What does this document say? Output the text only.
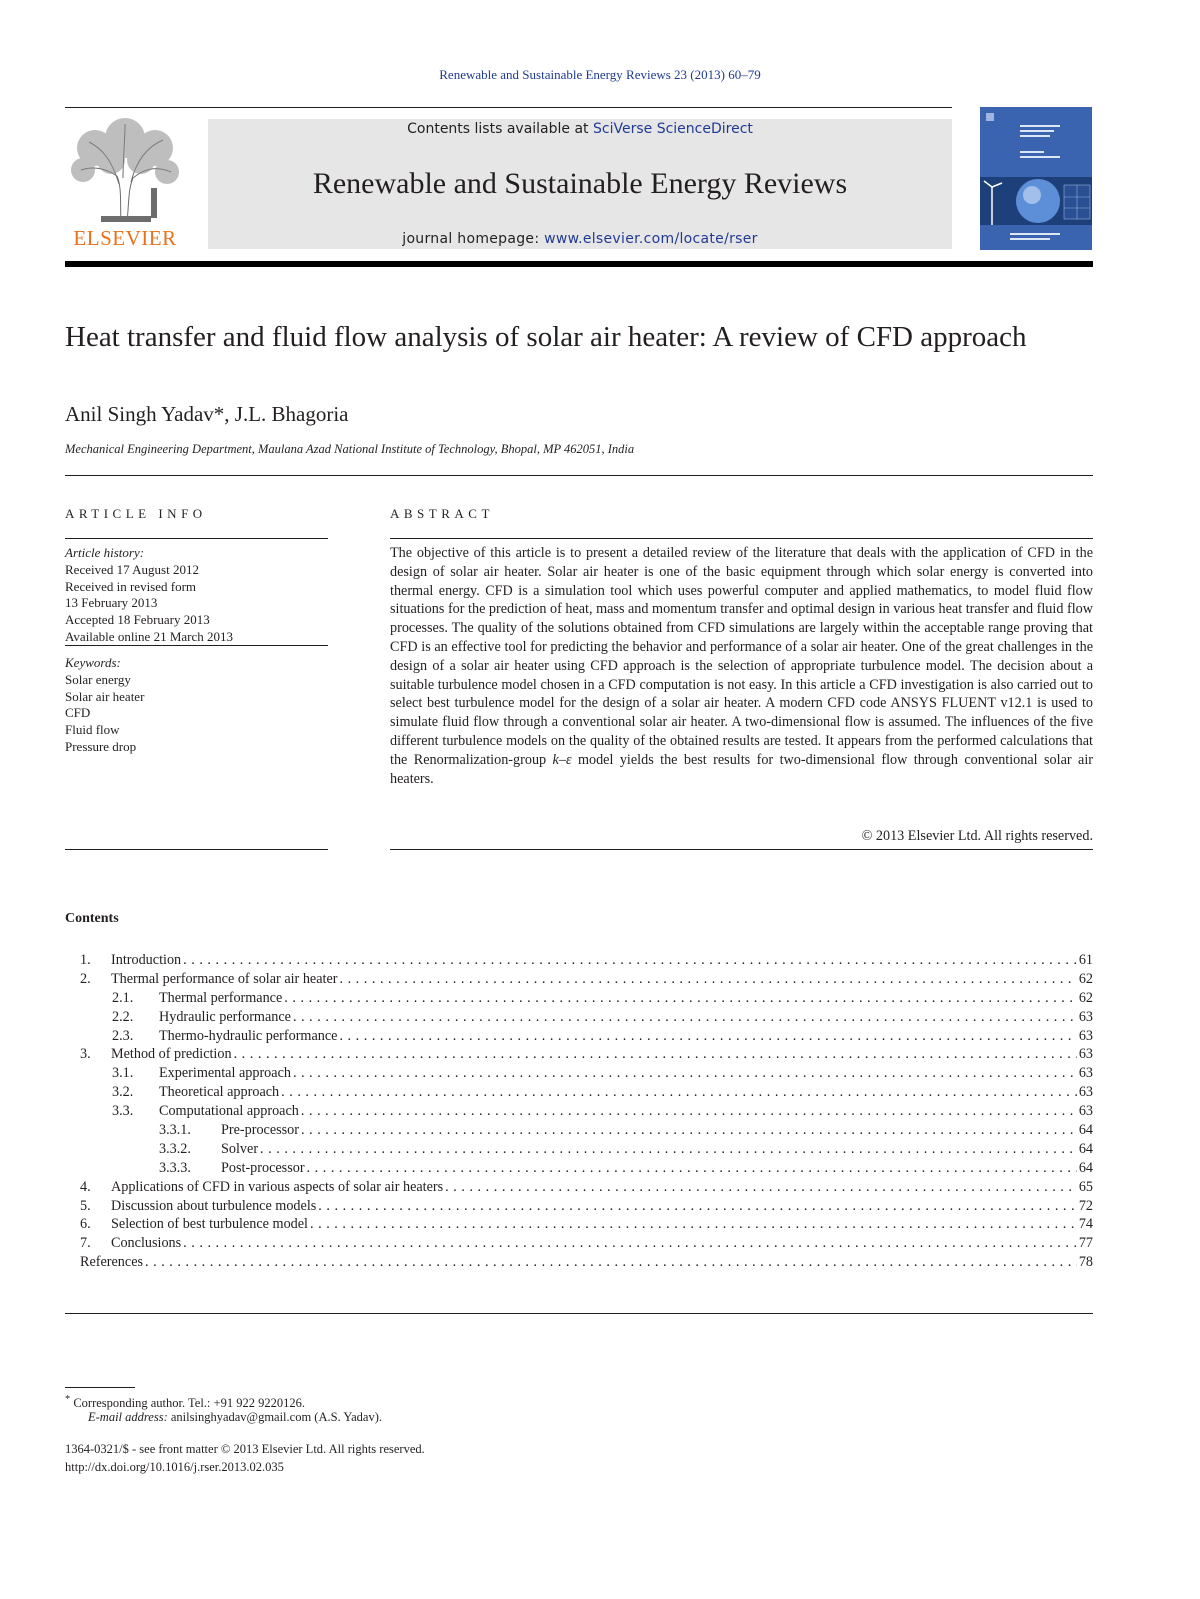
Renewable and Sustainable Energy Reviews 23 (2013) 60–79
ELSEVIER
Contents lists available at SciVerse ScienceDirect
Renewable and Sustainable Energy Reviews
journal homepage: www.elsevier.com/locate/rser
Heat transfer and fluid flow analysis of solar air heater: A review of CFD approach
Anil Singh Yadav*, J.L. Bhagoria
Mechanical Engineering Department, Maulana Azad National Institute of Technology, Bhopal, MP 462051, India
ARTICLE INFO	ABSTRACT
Article history:
Received 17 August 2012
Received in revised form
13 February 2013
Accepted 18 February 2013
Available online 21 March 2013
Keywords:
Solar energy
Solar air heater
CFD
Fluid flow
Pressure drop

The objective of this article is to present a detailed review of the literature that deals with the application of CFD in the design of solar air heater. Solar air heater is one of the basic equipment through which solar energy is converted into thermal energy. CFD is a simulation tool which uses powerful computer and applied mathematics, to model fluid flow situations for the prediction of heat, mass and momentum transfer and optimal design in various heat transfer and fluid flow processes. The quality of the solutions obtained from CFD simulations are largely within the acceptable range proving that CFD is an effective tool for predicting the behavior and performance of a solar air heater. One of the great challenges in the design of a solar air heater using CFD approach is the selection of appropriate turbulence model. The decision about a suitable turbulence model chosen in a CFD computation is not easy. In this article a CFD investigation is also carried out to select best turbulence model for the design of a solar air heater. A modern CFD code ANSYS FLUENT v12.1 is used to simulate fluid flow through a conventional solar air heater. A two-dimensional flow is assumed. The influences of the five different turbulence models on the quality of the obtained results are tested. It appears from the performed calculations that the Renormalization-group k–ε model yields the best results for two-dimensional flow through conventional solar air heaters.

© 2013 Elsevier Ltd. All rights reserved.
Contents
1. Introduction . . .	61
2. Thermal performance of solar air heater . . .	62
2.1. Thermal performance . . .	62
2.2. Hydraulic performance . . .	63
2.3. Thermo-hydraulic performance . . .	63
3. Method of prediction . . .	63
3.1. Experimental approach . . .	63
3.2. Theoretical approach . . .	63
3.3. Computational approach . . .	63
3.3.1. Pre-processor . . .	64
3.3.2. Solver . . .	64
3.3.3. Post-processor . . .	64
4. Applications of CFD in various aspects of solar air heaters . . .	65
5. Discussion about turbulence models . . .	72
6. Selection of best turbulence model . . .	74
7. Conclusions . . .	77
References . . .	78
* Corresponding author. Tel.: +91 922 9220126.
E-mail address: anilsinghyadav@gmail.com (A.S. Yadav).
1364-0321/$ - see front matter © 2013 Elsevier Ltd. All rights reserved.
http://dx.doi.org/10.1016/j.rser.2013.02.035
